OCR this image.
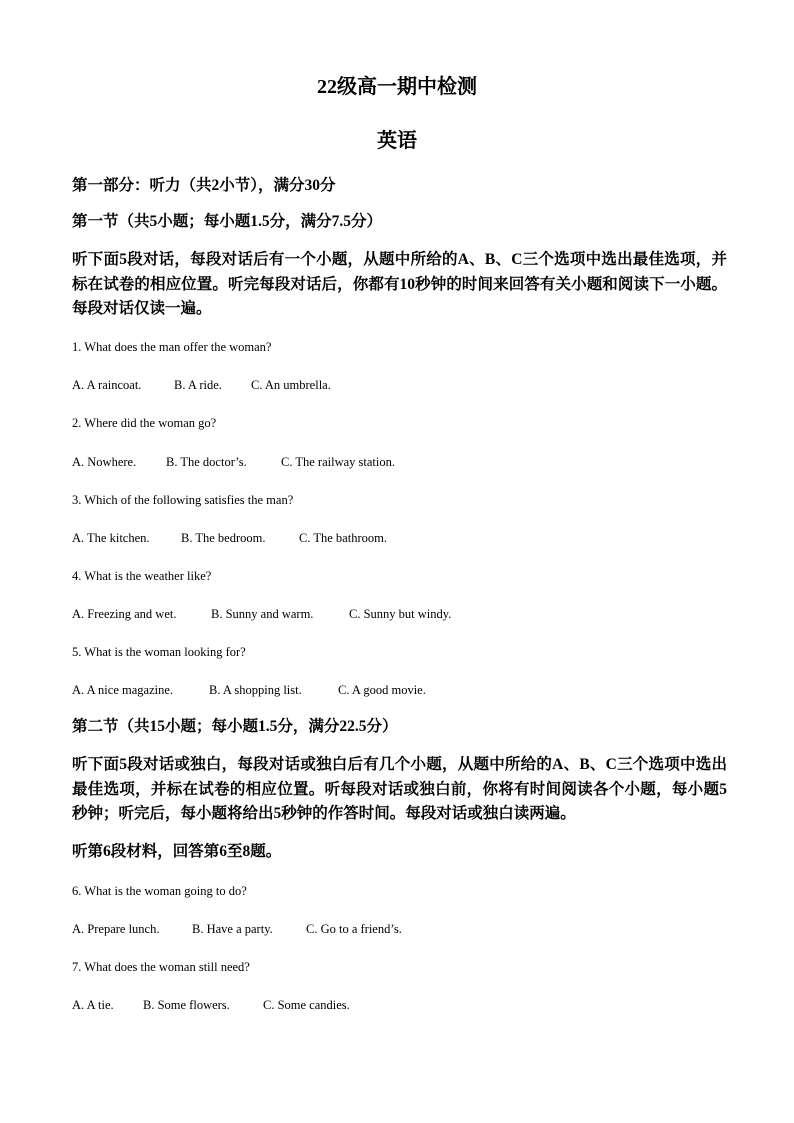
22级高一期中检测
英语
第一部分：听力（共2小节），满分30分
第一节（共5小题；每小题1.5分，满分7.5分）
听下面5段对话，每段对话后有一个小题，从题中所给的A、B、C三个选项中选出最佳选项，并标在试卷的相应位置。听完每段对话后，你都有10秒钟的时间来回答有关小题和阅读下一小题。每段对话仅读一遍。
1. What does the man offer the woman?
A. A raincoat.	B. A ride. C. An umbrella.
2. Where did the woman go?
A. Nowhere. B. The doctor’s.	C. The railway station.
3. Which of the following satisfies the man?
A. The kitchen.	B. The bedroom.	C. The bathroom.
4. What is the weather like?
A. Freezing and wet.	B. Sunny and warm.	C. Sunny but windy.
5. What is the woman looking for?
A. A nice magazine.	B. A shopping list.	C. A good movie.
第二节（共15小题；每小题1.5分，满分22.5分）
听下面5段对话或独白，每段对话或独白后有几个小题，从题中所给的A、B、C三个选项中选出最佳选项，并标在试卷的相应位置。听每段对话或独白前，你将有时间阅读各个小题，每小题5秒钟；听完后，每小题将给出5秒钟的作答时间。每段对话或独白读两遍。
听第6段材料，回答第6至8题。
6. What is the woman going to do?
A. Prepare lunch.	B. Have a party.	C. Go to a friend’s.
7. What does the woman still need?
A. A tie. B. Some flowers.	C. Some candies.
